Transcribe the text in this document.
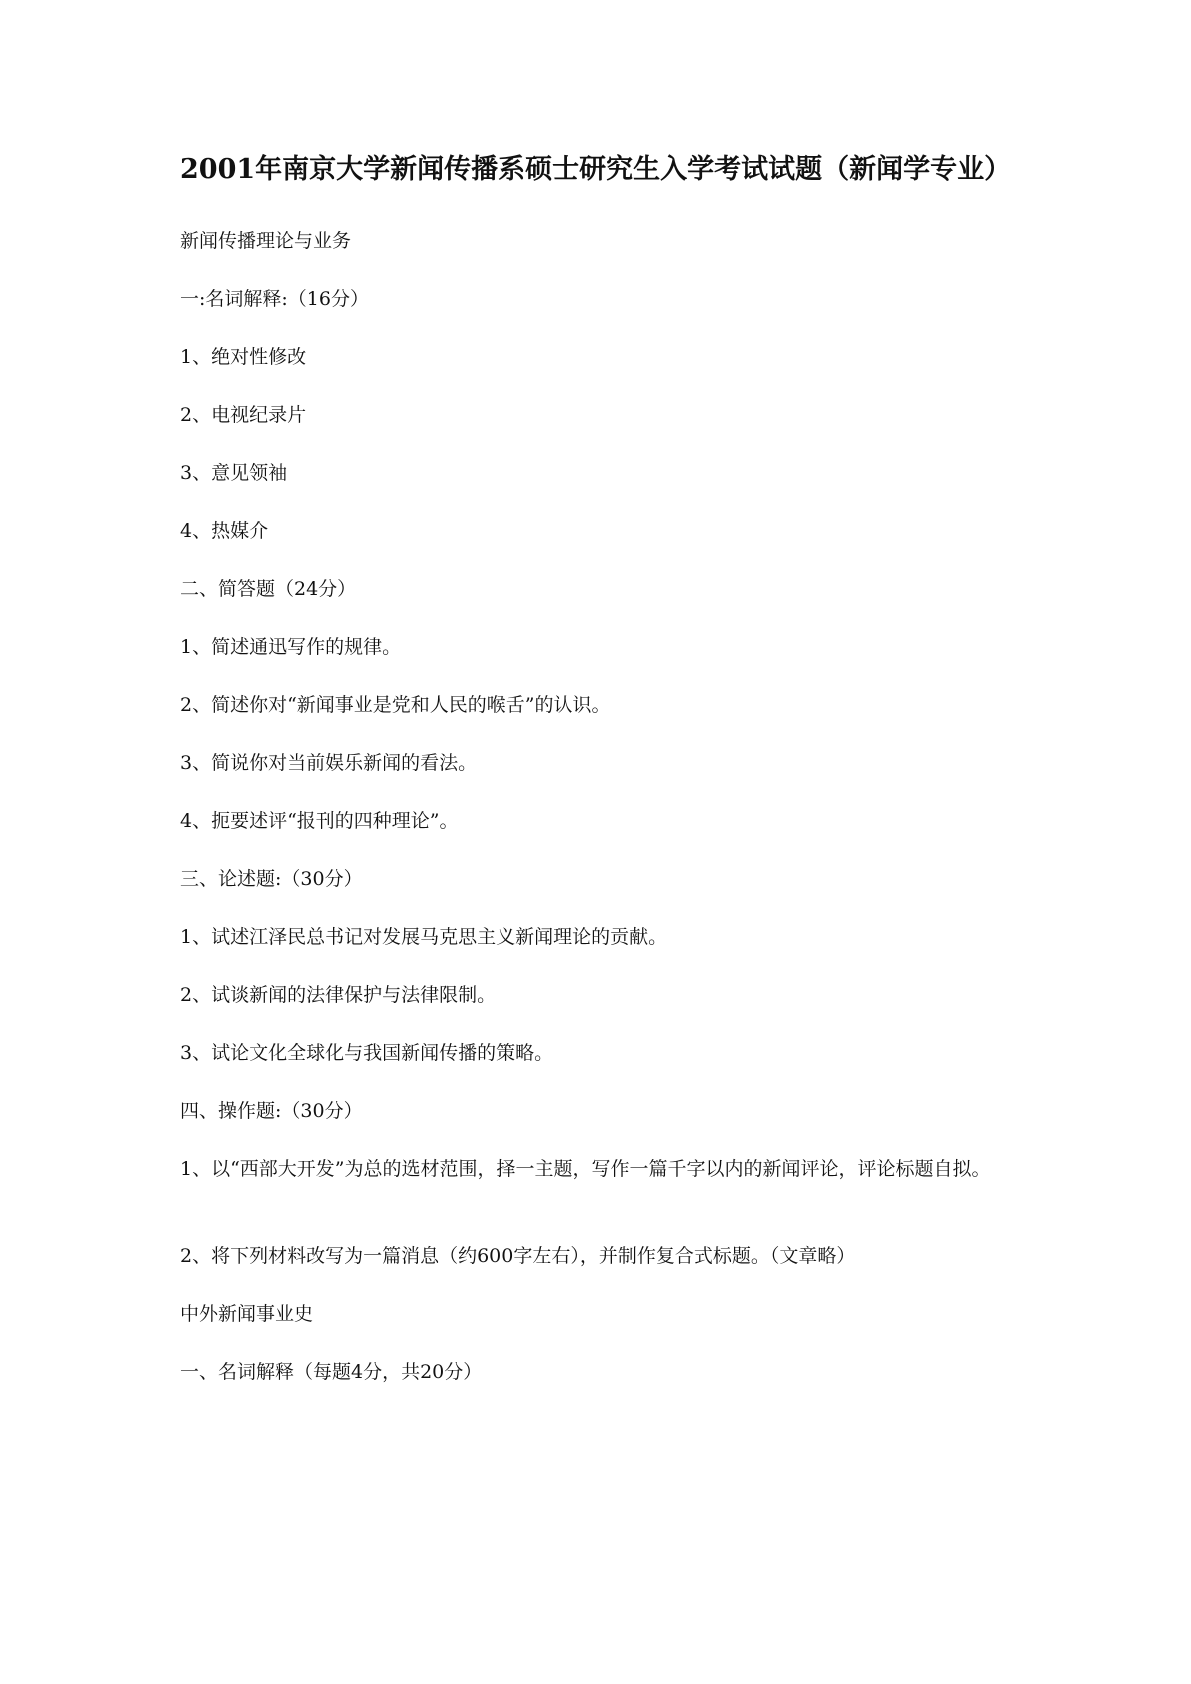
2001年南京大学新闻传播系硕士研究生入学考试试题（新闻学专业）

新闻传播理论与业务

一:名词解释:（16分）

1、绝对性修改

2、电视纪录片

3、意见领袖

4、热媒介

二、简答题（24分）

1、简述通迅写作的规律。

2、简述你对“新闻事业是党和人民的喉舌”的认识。

3、简说你对当前娱乐新闻的看法。

4、扼要述评“报刊的四种理论”。

三、论述题:（30分）

1、试述江泽民总书记对发展马克思主义新闻理论的贡献。

2、试谈新闻的法律保护与法律限制。

3、试论文化全球化与我国新闻传播的策略。

四、操作题:（30分）

1、以“西部大开发”为总的选材范围，择一主题，写作一篇千字以内的新闻评论，评论标题自拟。

2、将下列材料改写为一篇消息（约600字左右），并制作复合式标题。（文章略）

中外新闻事业史

一、名词解释（每题4分，共20分）
